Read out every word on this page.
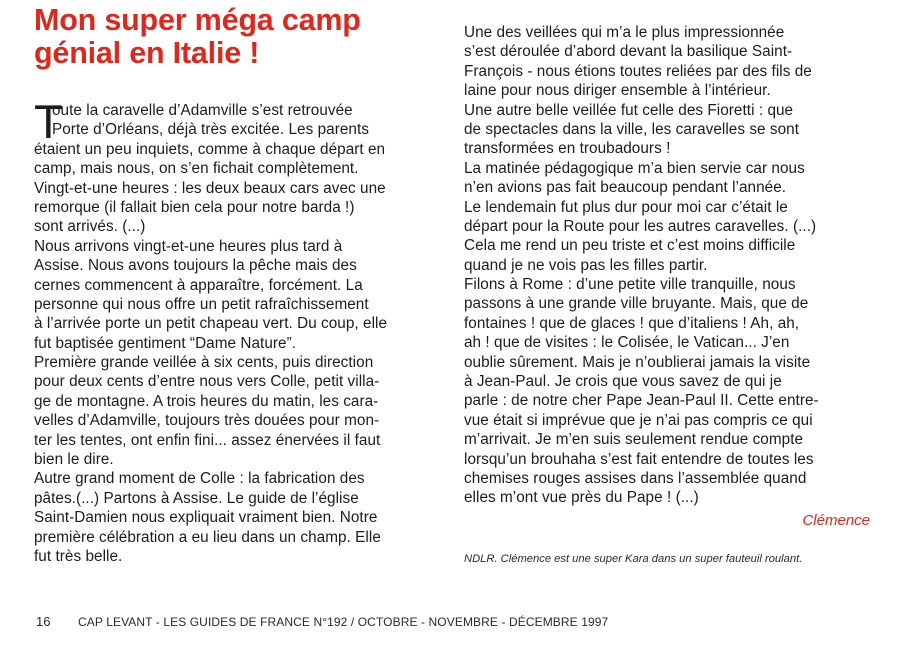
Mon super méga camp
génial en Italie !
T
oute la caravelle d’Adamville s’est retrouvée
Porte d’Orléans, déjà très excitée. Les parents
étaient un peu inquiets, comme à chaque départ en
camp, mais nous, on s’en fichait complètement.
Vingt-et-une heures : les deux beaux cars avec une
remorque (il fallait bien cela pour notre barda !)
sont arrivés. (...)
Nous arrivons vingt-et-une heures plus tard à
Assise. Nous avons toujours la pêche mais des
cernes commencent à apparaître, forcément. La
personne qui nous offre un petit rafraîchissement
à l’arrivée porte un petit chapeau vert. Du coup, elle
fut baptisée gentiment “Dame Nature”.
Première grande veillée à six cents, puis direction
pour deux cents d’entre nous vers Colle, petit villa-
ge de montagne. A trois heures du matin, les cara-
velles d’Adamville, toujours très douées pour mon-
ter les tentes, ont enfin fini... assez énervées il faut
bien le dire.
Autre grand moment de Colle : la fabrication des
pâtes.(...) Partons à Assise. Le guide de l’église
Saint-Damien nous expliquait vraiment bien. Notre
première célébration a eu lieu dans un champ. Elle
fut très belle.
Une des veillées qui m’a le plus impressionnée
s’est déroulée d’abord devant la basilique Saint-
François - nous étions toutes reliées par des fils de
laine pour nous diriger ensemble à l’intérieur.
Une autre belle veillée fut celle des Fioretti : que
de spectacles dans la ville, les caravelles se sont
transformées en troubadours !
La matinée pédagogique m’a bien servie car nous
n’en avions pas fait beaucoup pendant l’année.
Le lendemain fut plus dur pour moi car c’était le
départ pour la Route pour les autres caravelles. (...)
Cela me rend un peu triste et c’est moins difficile
quand je ne vois pas les filles partir.
Filons à Rome : d’une petite ville tranquille, nous
passons à une grande ville bruyante. Mais, que de
fontaines ! que de glaces ! que d’italiens ! Ah, ah,
ah ! que de visites : le Colisée, le Vatican... J’en
oublie sûrement. Mais je n’oublierai jamais la visite
à Jean-Paul. Je crois que vous savez de qui je
parle : de notre cher Pape Jean-Paul II. Cette entre-
vue était si imprévue que je n’ai pas compris ce qui
m’arrivait. Je m’en suis seulement rendue compte
lorsqu’un brouhaha s’est fait entendre de toutes les
chemises rouges assises dans l’assemblée quand
elles m’ont vue près du Pape ! (...)

Clémence

NDLR. Clémence est une super Kara dans un super fauteuil roulant.

16 CAP LEVANT - LES GUIDES DE FRANCE N°192 / OCTOBRE - NOVEMBRE - DÉCEMBRE 1997
